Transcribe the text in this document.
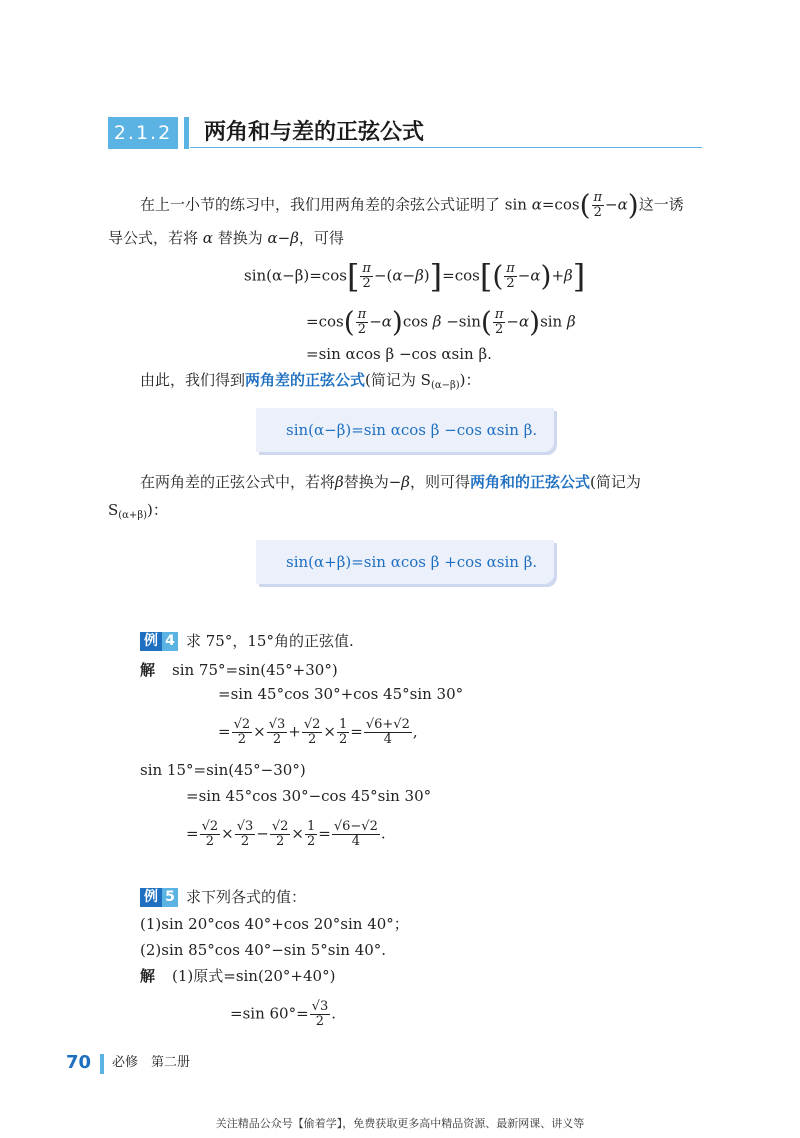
2.1.2 两角和与差的正弦公式
在上一小节的练习中，我们用两角差的余弦公式证明了 $\sin \alpha=\cos( \frac{\pi}{2} -\alpha)$这一诱
导公式，若将 α 替换为 α−β，可得
$\sin(\alpha-\beta)=\cos[ \frac{\pi}{2} -(\alpha-\beta)]=\cos[( \frac{\pi}{2} -\alpha)+\beta]$
$=\cos( \frac{\pi}{2} -\alpha)\cos$ $\beta -\sin( \frac{\pi}{2} -\alpha)\sin$ β
=sin αcos β −cos αsin β.
由此，我们得到两角差的正弦公式(简记为 $S_{(\alpha-\beta)}$)：
sin(α−β)=sin αcos β −cos αsin β.
在两角差的正弦公式中，若将β替换为−β，则可得两角和的正弦公式(简记为
$S_{(\alpha+\beta)}$)：
sin(α+β)=sin αcos β +cos αsin β.
例 4 求 75°，15°角的正弦值.
解 sin 75°=sin(45°+30°)
=sin 45°cos 30°+cos 45°sin 30°
= $\frac{√2}{2} \times \frac{√3}{2} + \frac{√2}{2} \times \frac{1}{2} = \frac{√6+√2}{4}$ ,
sin 15°=sin(45°−30°)
=sin 45°cos 30°−cos 45°sin 30°
= $\frac{√2}{2} \times \frac{√3}{2} - \frac{√2}{2} \times \frac{1}{2} = \frac{√6-√2}{4}$ .
例 5 求下列各式的值：
(1)sin 20°cos 40°+cos 20°sin 40°；
(2)sin 85°cos 40°−sin 5°sin 40°.
解 (1)原式=sin(20°+40°)
=sin $60^\circ= \frac{√3}{2}$ .
70 必修　第二册
关注精品公众号【偷着学】，免费获取更多高中精品资源、最新网课、讲义等
